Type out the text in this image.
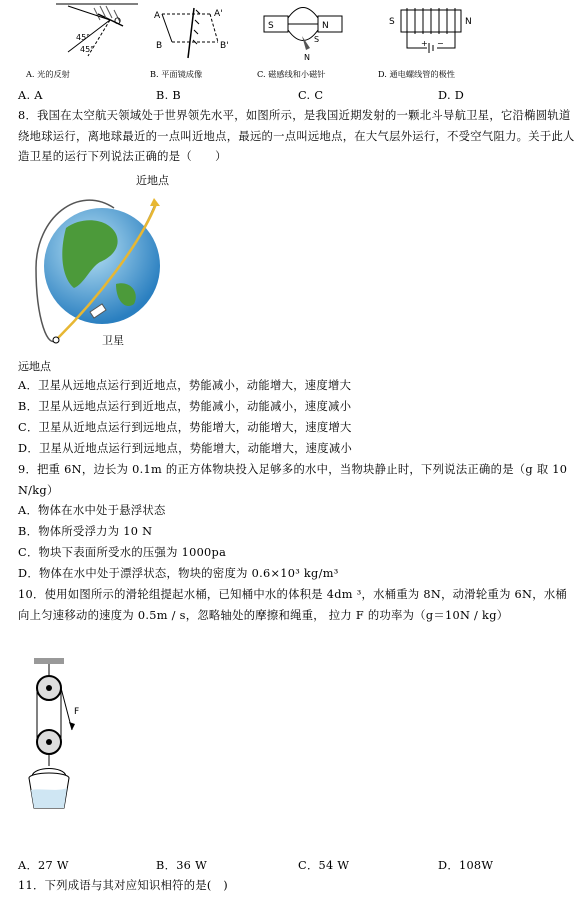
O
45°
45°
A	A'
B	B'
S	N
S
N
S	N
+ −
A. 光的反射	B. 平面镜成像	C. 磁感线和小磁针	D. 通电螺线管的极性
A. A	B. B	C. C	D. D
8．我国在太空航天领域处于世界领先水平，如图所示，是我国近期发射的一颗北斗导航卫星，它沿椭圆轨道绕地球运行，离地球最近的一点叫近地点，最远的一点叫远地点，在大气层外运行，不受空气阻力。关于此人造卫星的运行下列说法正确的是（　　）
近地点
卫星
远地点
A．卫星从远地点运行到近地点，势能减小，动能增大，速度增大
B．卫星从远地点运行到近地点，势能减小，动能减小，速度减小
C．卫星从近地点运行到远地点，势能增大，动能增大，速度增大
D．卫星从近地点运行到远地点，势能增大，动能增大，速度减小
9．把重 6N，边长为 0.1m 的正方体物块投入足够多的水中，当物块静止时，下列说法正确的是（g 取 10 N/kg）
A．物体在水中处于悬浮状态
B．物体所受浮力为 10 N
C．物块下表面所受水的压强为 1000pa
D．物体在水中处于漂浮状态，物块的密度为 0.6×10³ kg/m³
10．使用如图所示的滑轮组提起水桶，已知桶中水的体积是 4dm ³，水桶重为 8N，动滑轮重为 6N，水桶向上匀速移动的速度为 0.5m / s，忽略轴处的摩擦和绳重， 拉力 F 的功率为（g＝10N / kg）
F
A．27 W	B．36 W	C．54 W	D．108W
11．下列成语与其对应知识相符的是(　)
